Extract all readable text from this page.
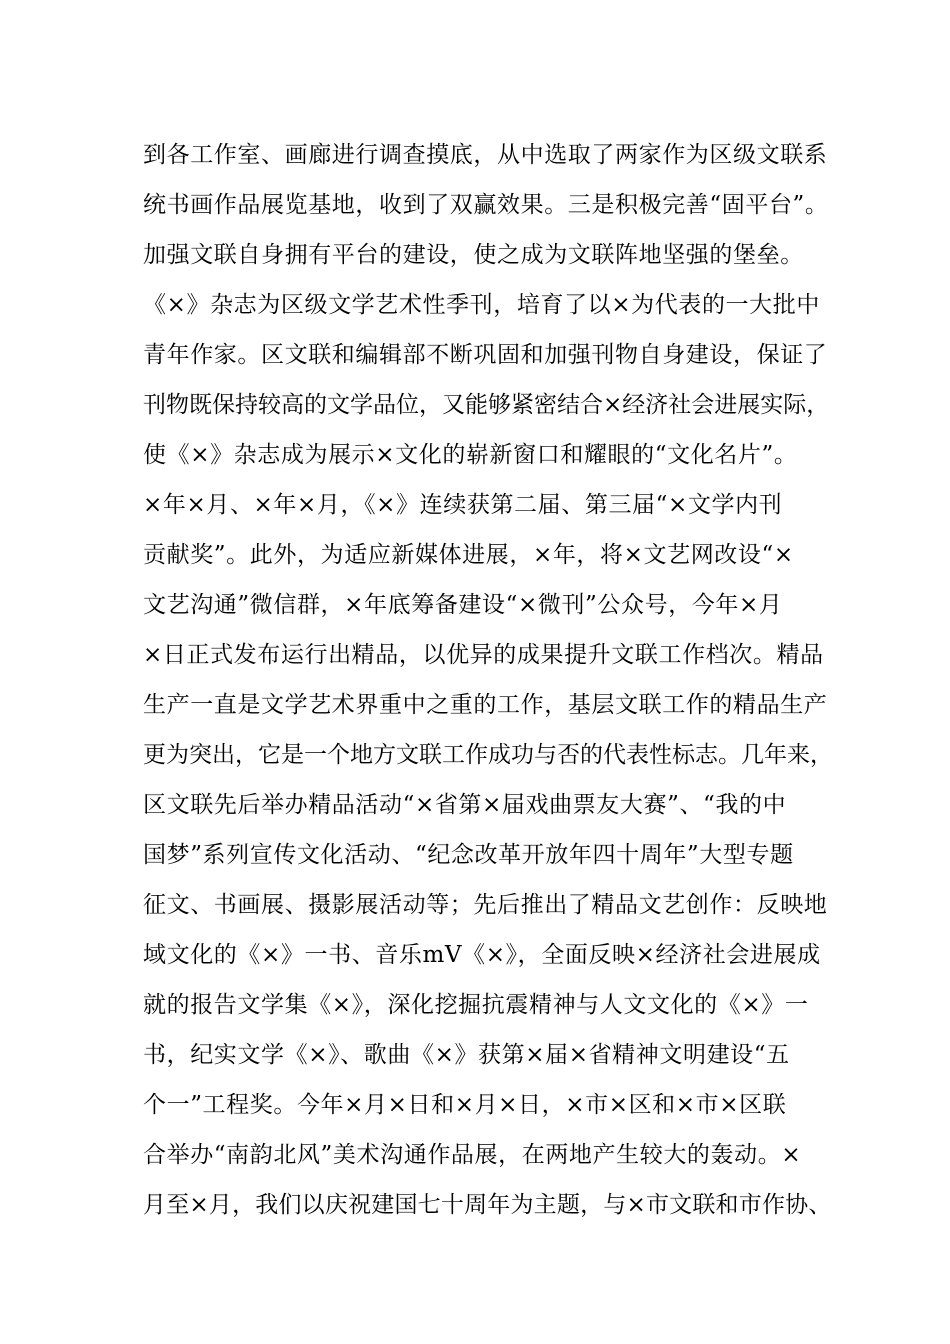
到各工作室、画廊进行调查摸底，从中选取了两家作为区级文联系
统书画作品展览基地，收到了双赢效果。三是积极完善“固平台”。
加强文联自身拥有平台的建设，使之成为文联阵地坚强的堡垒。
《×》杂志为区级文学艺术性季刊，培育了以×为代表的一大批中
青年作家。区文联和编辑部不断巩固和加强刊物自身建设，保证了
刊物既保持较高的文学品位，又能够紧密结合×经济社会进展实际，
使《×》杂志成为展示×文化的崭新窗口和耀眼的“文化名片”。
×年×月、×年×月，《×》连续获第二届、第三届“×文学内刊
贡献奖”。此外，为适应新媒体进展，×年，将×文艺网改设“×
文艺沟通”微信群，×年底筹备建设“×微刊”公众号，今年×月
×日正式发布运行出精品，以优异的成果提升文联工作档次。精品
生产一直是文学艺术界重中之重的工作，基层文联工作的精品生产
更为突出，它是一个地方文联工作成功与否的代表性标志。几年来，
区文联先后举办精品活动“×省第×届戏曲票友大赛”、“我的中
国梦”系列宣传文化活动、“纪念改革开放年四十周年”大型专题
征文、书画展、摄影展活动等；先后推出了精品文艺创作：反映地
域文化的《×》一书、音乐mV《×》，全面反映×经济社会进展成
就的报告文学集《×》，深化挖掘抗震精神与人文文化的《×》一
书，纪实文学《×》、歌曲《×》获第×届×省精神文明建设“五
个一”工程奖。今年×月×日和×月×日，×市×区和×市×区联
合举办“南韵北风”美术沟通作品展，在两地产生较大的轰动。×
月至×月，我们以庆祝建国七十周年为主题，与×市文联和市作协、
